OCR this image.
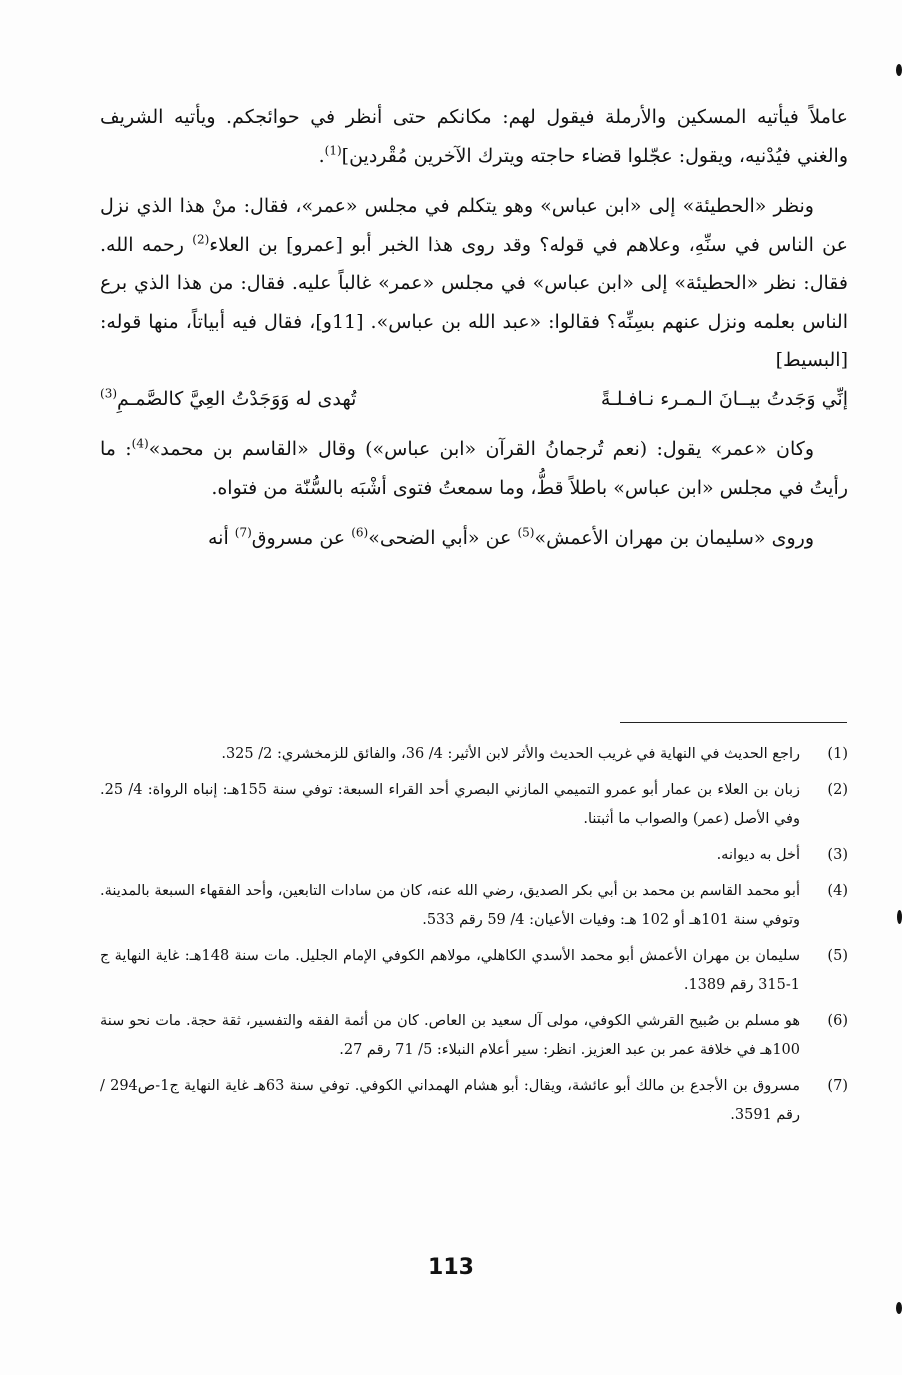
عاملاً فيأتيه المسكين والأرملة فيقول لهم: مكانكم حتى أنظر في حوائجكم. ويأتيه الشريف والغني فيُدْنيه، ويقول: عجّلوا قضاء حاجته ويترك الآخرين مُقْردين]$^{(1)}$.

ونظر «الحطيئة» إلى «ابن عباس» وهو يتكلم في مجلس «عمر»، فقال: منْ هذا الذي نزل عن الناس في سنِّهِ، وعلاهم في قوله؟ وقد روى هذا الخبر أبو [عمرو] بن العلاء$^{(2)}$ رحمه الله. فقال: نظر «الحطيئة» إلى «ابن عباس» في مجلس «عمر» غالباً عليه. فقال: من هذا الذي برع الناس بعلمه ونزل عنهم بسِنِّه؟ فقالوا: «عبد الله بن عباس». [11و]، فقال فيه أبياتاً، منها قوله: [البسيط]

إنِّي وَجَدتُ بيــانَ الـمـرء نـافـلـةً
تُهدى له وَوَجَدْتُ العِيَّ كالصَّمـمِ$^{(3)}$

وكان «عمر» يقول: (نعم تُرجمانُ القرآن «ابن عباس») وقال «القاسم بن محمد»$^{(4)}$: ما رأيتُ في مجلس «ابن عباس» باطلاً قطُّ، وما سمعتُ فتوى أشْبَه بالسُّنّة من فتواه.

وروى «سليمان بن مهران الأعمش»$^{(5)}$ عن «أبي الضحى»$^{(6)}$ عن مسروق$^{(7)}$ أنه

(1)
راجع الحديث في النهاية في غريب الحديث والأثر لابن الأثير: 4/ 36، والفائق للزمخشري: 2/ 325.
(2)
زبان بن العلاء بن عمار أبو عمرو التميمي المازني البصري أحد القراء السبعة: توفي سنة 155هـ: إنباه الرواة: 4/ 25. وفي الأصل (عمر) والصواب ما أثبتنا.
(3)
أخل به ديوانه.
(4)
أبو محمد القاسم بن محمد بن أبي بكر الصديق، رضي الله عنه، كان من سادات التابعين، وأحد الفقهاء السبعة بالمدينة. وتوفي سنة 101هـ أو 102 هـ: وفيات الأعيان: 4/ 59 رقم 533.
(5)
سليمان بن مهران الأعمش أبو محمد الأسدي الكاهلي، مولاهم الكوفي الإمام الجليل. مات سنة 148هـ: غاية النهاية ج 1-315 رقم 1389.
(6)
هو مسلم بن صُبيح القرشي الكوفي، مولى آل سعيد بن العاص. كان من أئمة الفقه والتفسير، ثقة حجة. مات نحو سنة 100هـ في خلافة عمر بن عبد العزيز. انظر: سير أعلام النبلاء: 5/ 71 رقم 27.
(7)
مسروق بن الأجدع بن مالك أبو عائشة، ويقال: أبو هشام الهمداني الكوفي. توفي سنة 63هـ غاية النهاية ج1-ص294 / رقم 3591.
113
